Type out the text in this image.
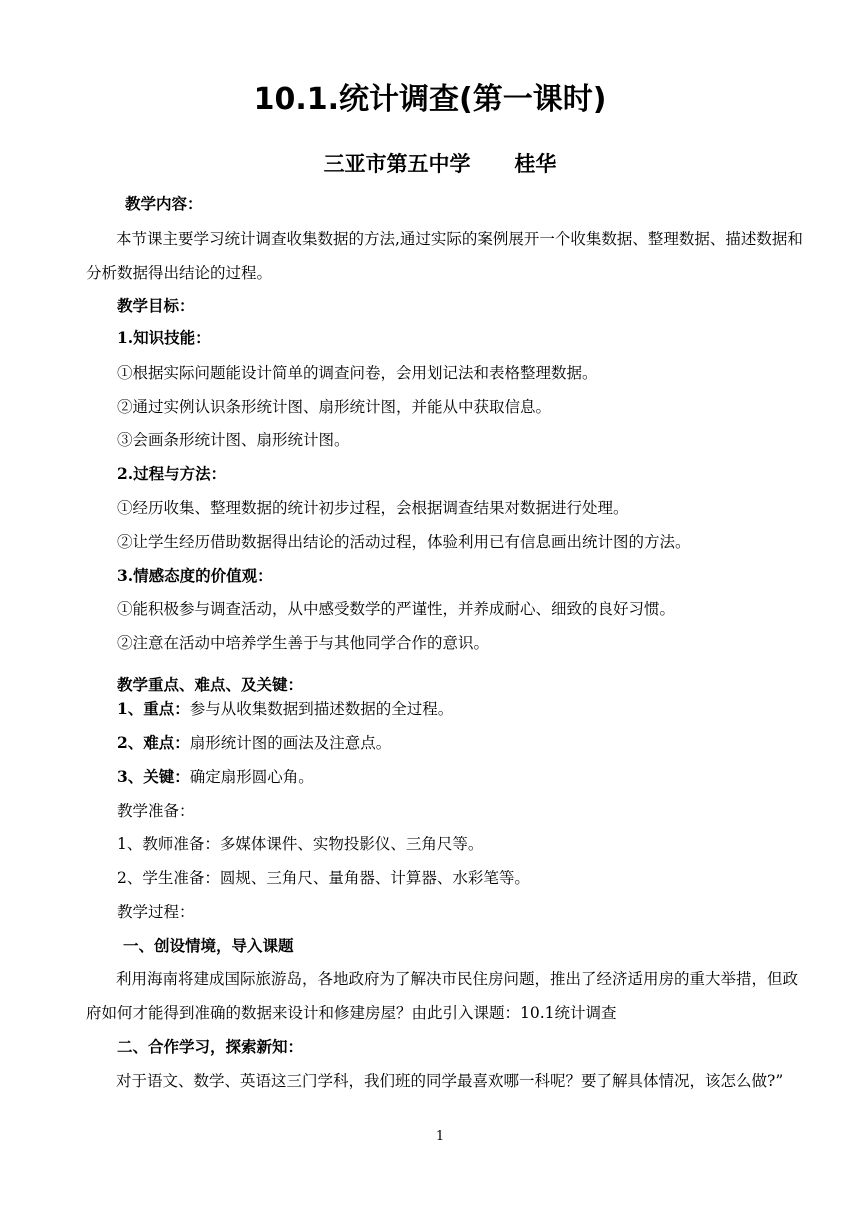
10.1.统计调查(第一课时)
三亚市第五中学      桂华
教学内容：
本节课主要学习统计调查收集数据的方法,通过实际的案例展开一个收集数据、整理数据、描述数据和分析数据得出结论的过程。
教学目标：
1.知识技能：
①根据实际问题能设计简单的调查问卷，会用划记法和表格整理数据。
②通过实例认识条形统计图、扇形统计图，并能从中获取信息。
③会画条形统计图、扇形统计图。
2.过程与方法：
①经历收集、整理数据的统计初步过程，会根据调查结果对数据进行处理。
②让学生经历借助数据得出结论的活动过程，体验利用已有信息画出统计图的方法。
3.情感态度的价值观：
①能积极参与调查活动，从中感受数学的严谨性，并养成耐心、细致的良好习惯。
②注意在活动中培养学生善于与其他同学合作的意识。
教学重点、难点、及关键：
1、重点：参与从收集数据到描述数据的全过程。
2、难点：扇形统计图的画法及注意点。
3、关键：确定扇形圆心角。
教学准备：
1、教师准备：多媒体课件、实物投影仪、三角尺等。
2、学生准备：圆规、三角尺、量角器、计算器、水彩笔等。
教学过程：
一、创设情境，导入课题
利用海南将建成国际旅游岛，各地政府为了解决市民住房问题，推出了经济适用房的重大举措，但政府如何才能得到准确的数据来设计和修建房屋？由此引入课题：10.1统计调查
二、合作学习，探索新知：
对于语文、数学、英语这三门学科，我们班的同学最喜欢哪一科呢？要了解具体情况，该怎么做?”
1
